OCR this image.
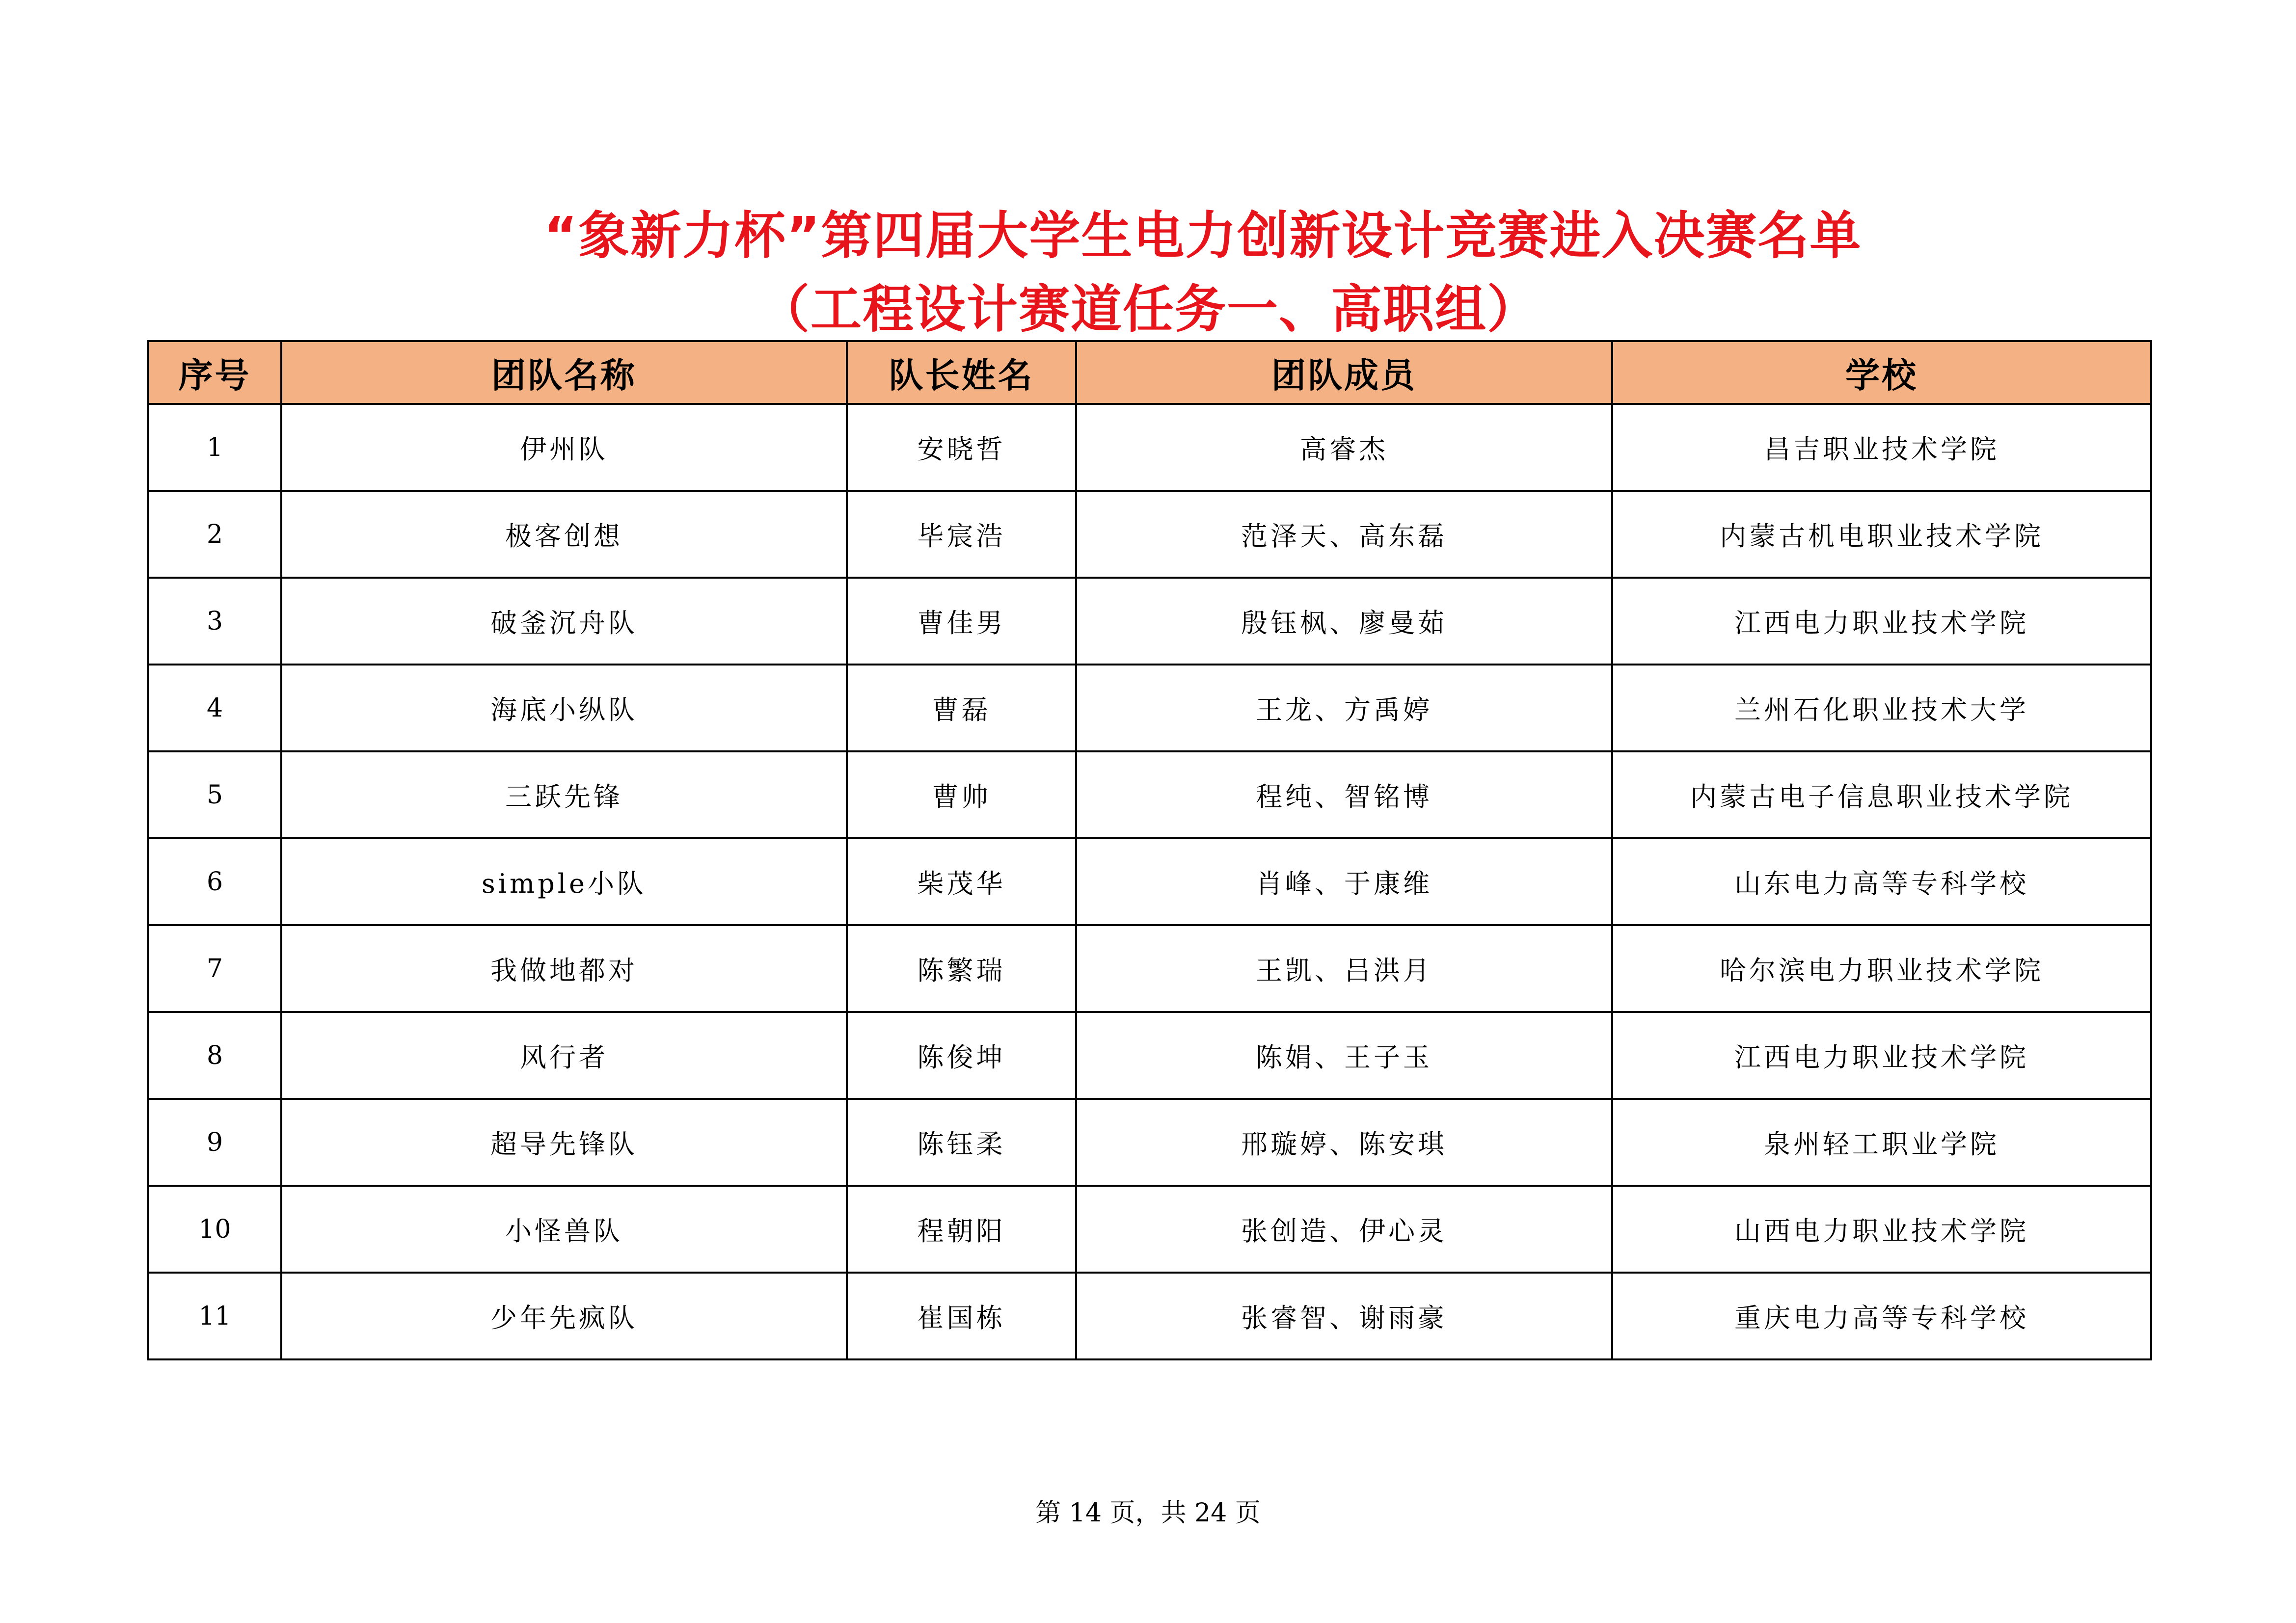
“象新力杯”第四届大学生电力创新设计竞赛进入决赛名单
（工程设计赛道任务一、高职组）
序号	团队名称	队长姓名	团队成员	学校
1	伊州队	安晓哲	高睿杰	昌吉职业技术学院
2	极客创想	毕宸浩	范泽天、高东磊	内蒙古机电职业技术学院
3	破釜沉舟队	曹佳男	殷钰枫、廖曼茹	江西电力职业技术学院
4	海底小纵队	曹磊	王龙、方禹婷	兰州石化职业技术大学
5	三跃先锋	曹帅	程纯、智铭博	内蒙古电子信息职业技术学院
6	simple小队	柴茂华	肖峰、于康维	山东电力高等专科学校
7	我做地都对	陈繁瑞	王凯、吕洪月	哈尔滨电力职业技术学院
8	风行者	陈俊坤	陈娟、王子玉	江西电力职业技术学院
9	超导先锋队	陈钰柔	邢璇婷、陈安琪	泉州轻工职业学院
10	小怪兽队	程朝阳	张创造、伊心灵	山西电力职业技术学院
11	少年先疯队	崔国栋	张睿智、谢雨豪	重庆电力高等专科学校
第 14 页，共 24 页
